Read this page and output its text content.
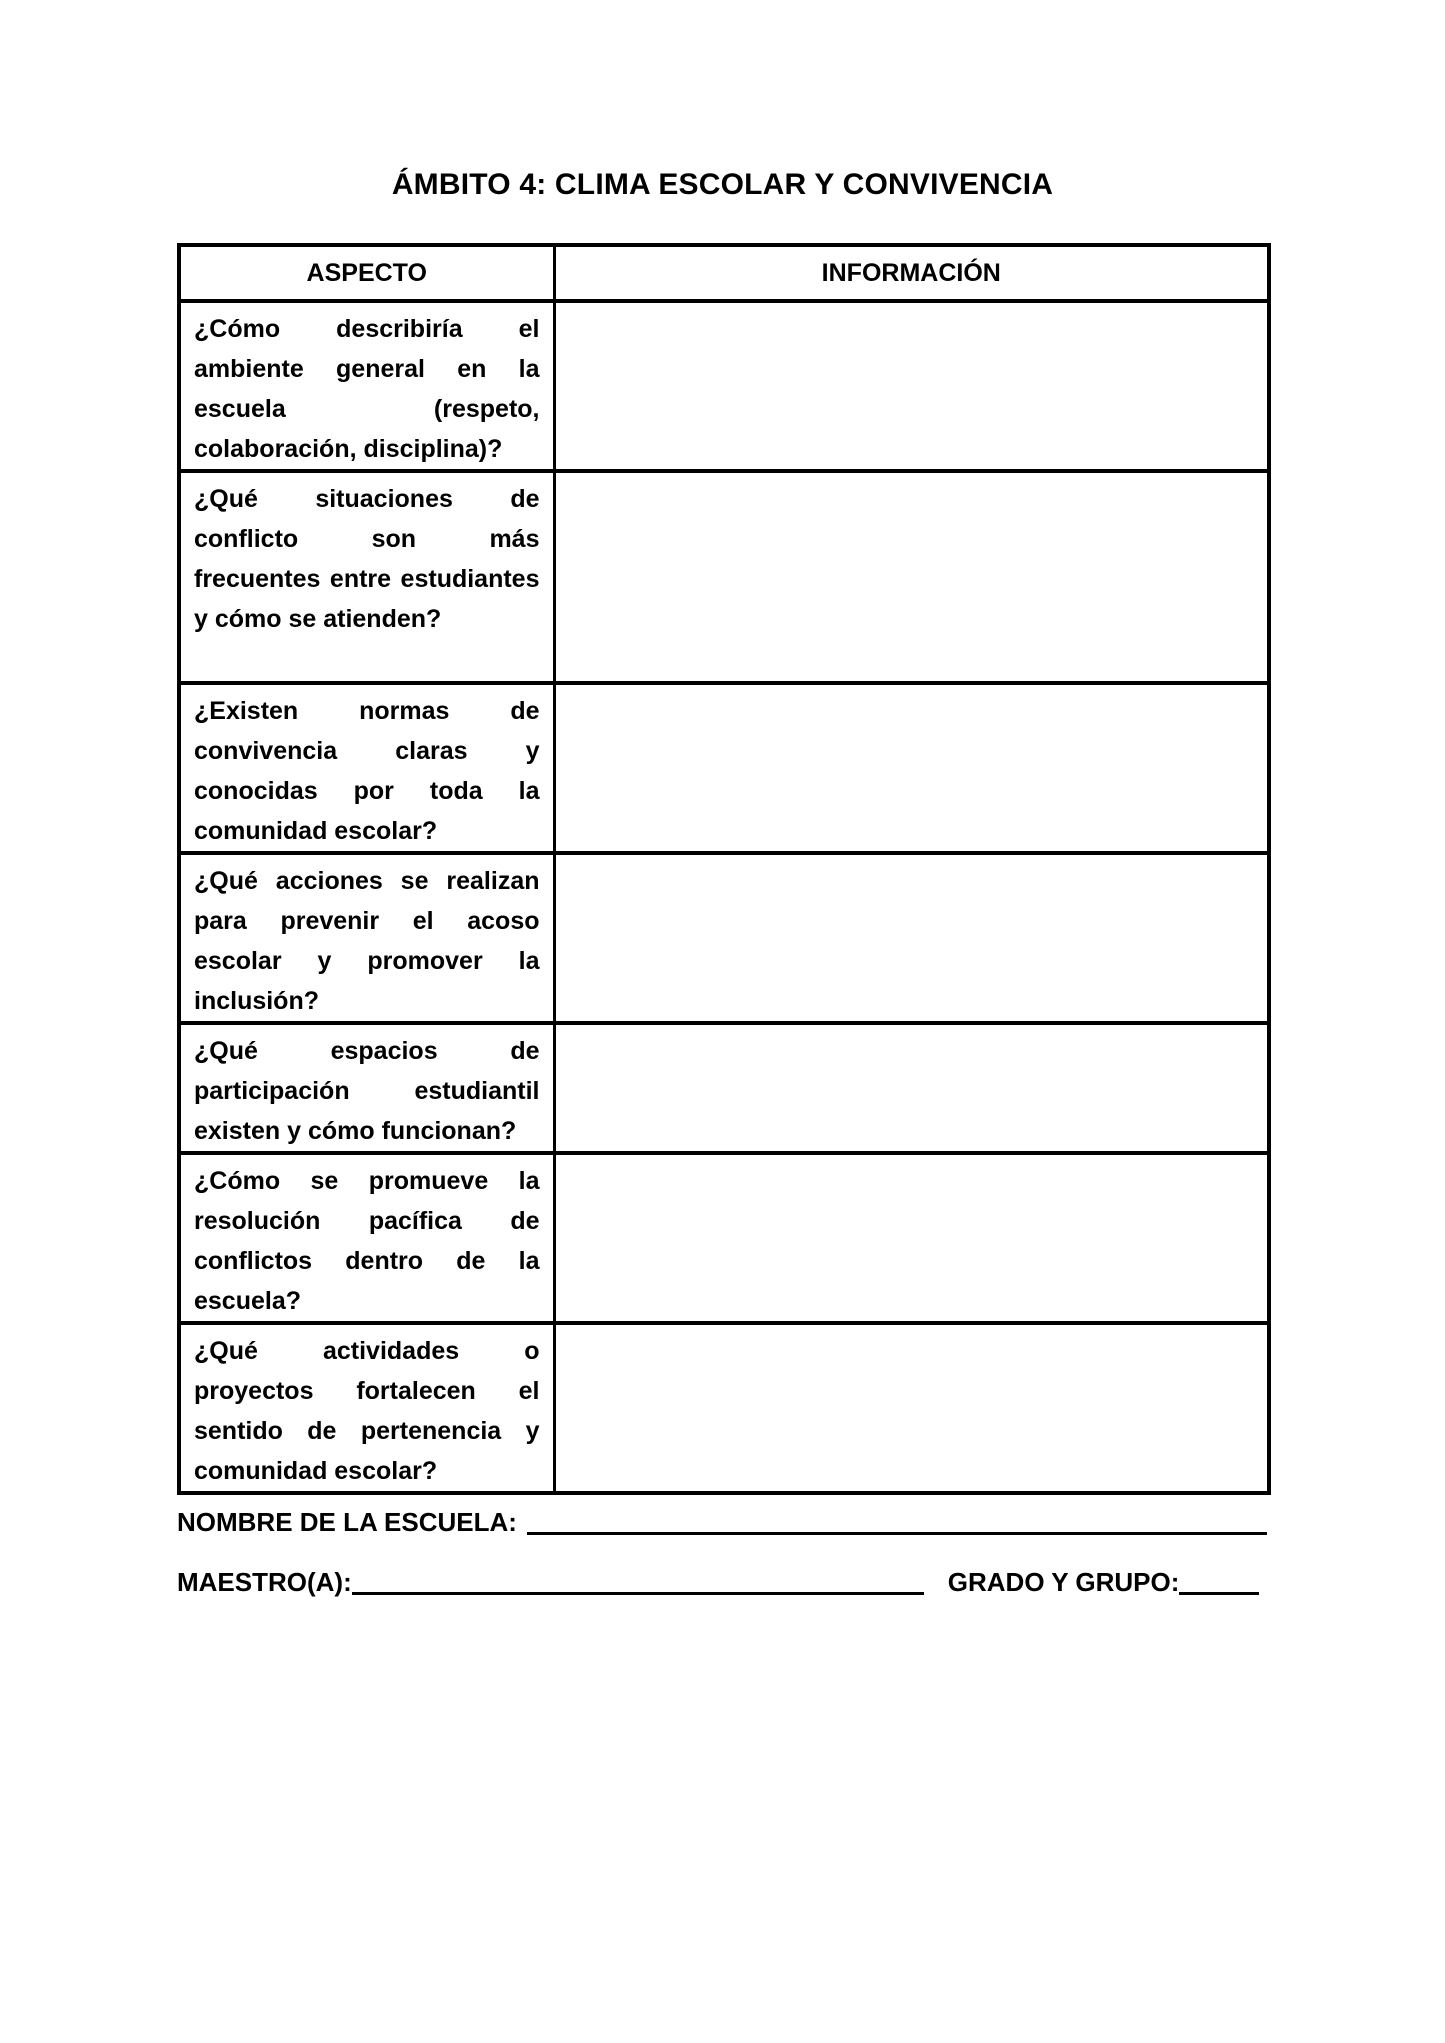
ÁMBITO 4: CLIMA ESCOLAR Y CONVIVENCIA
ASPECTO	INFORMACIÓN
¿Cómo describiría el ambiente general en la escuela (respeto, colaboración, disciplina)?	
¿Qué situaciones de conflicto son más frecuentes entre estudiantes y cómo se atienden?	
¿Existen normas de convivencia claras y conocidas por toda la comunidad escolar?	
¿Qué acciones se realizan para prevenir el acoso escolar y promover la inclusión?	
¿Qué espacios de participación estudiantil existen y cómo funcionan?	
¿Cómo se promueve la resolución pacífica de conflictos dentro de la escuela?	
¿Qué actividades o proyectos fortalecen el sentido de pertenencia y comunidad escolar?	
NOMBRE DE LA ESCUELA:
MAESTRO(A):	GRADO Y GRUPO:
